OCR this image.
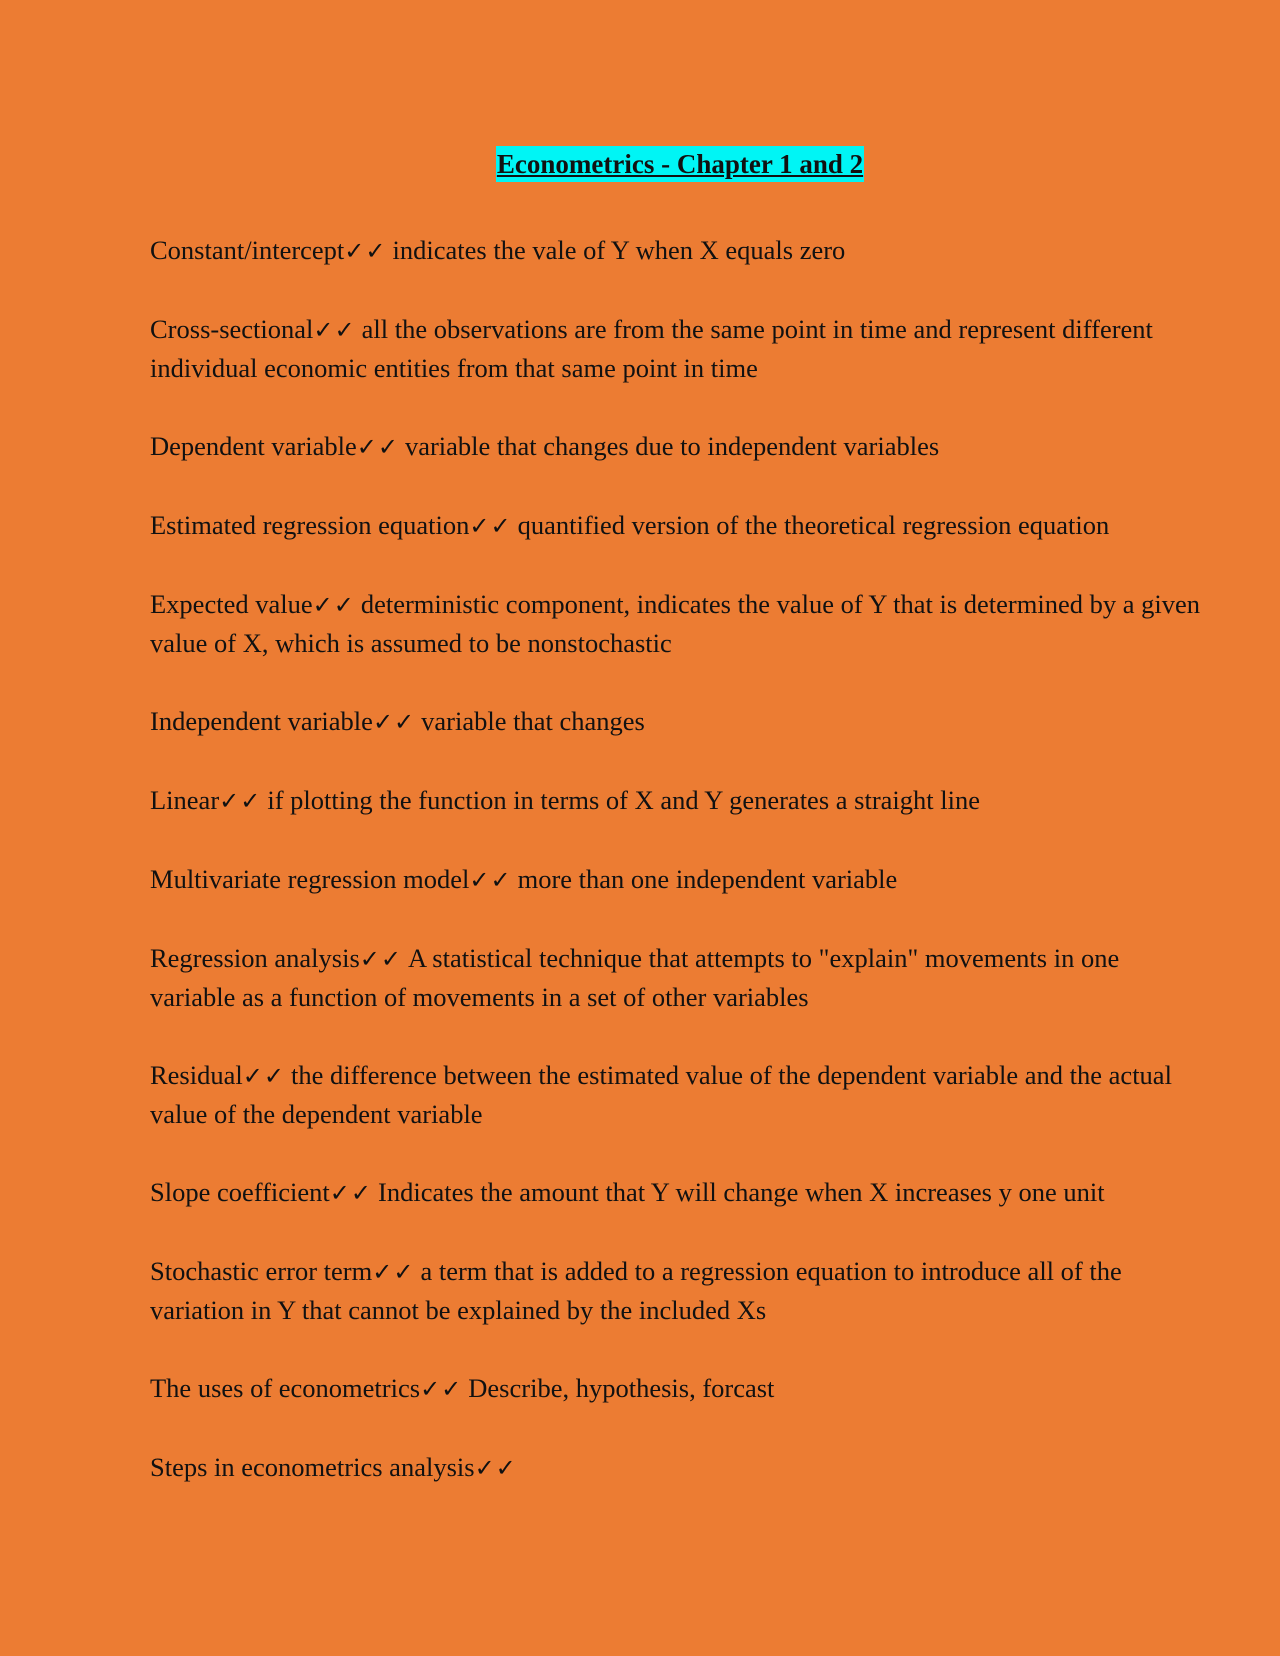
Econometrics - Chapter 1 and 2
Constant/intercept✓✓ indicates the vale of Y when X equals zero
Cross-sectional✓✓ all the observations are from the same point in time and represent different individual economic entities from that same point in time
Dependent variable✓✓ variable that changes due to independent variables
Estimated regression equation✓✓ quantified version of the theoretical regression equation
Expected value✓✓ deterministic component, indicates the value of Y that is determined by a given value of X, which is assumed to be nonstochastic
Independent variable✓✓ variable that changes
Linear✓✓ if plotting the function in terms of X and Y generates a straight line
Multivariate regression model✓✓ more than one independent variable
Regression analysis✓✓ A statistical technique that attempts to "explain" movements in one variable as a function of movements in a set of other variables
Residual✓✓ the difference between the estimated value of the dependent variable and the actual value of the dependent variable
Slope coefficient✓✓ Indicates the amount that Y will change when X increases y one unit
Stochastic error term✓✓ a term that is added to a regression equation to introduce all of the variation in Y that cannot be explained by the included Xs
The uses of econometrics✓✓ Describe, hypothesis, forcast
Steps in econometrics analysis✓✓
